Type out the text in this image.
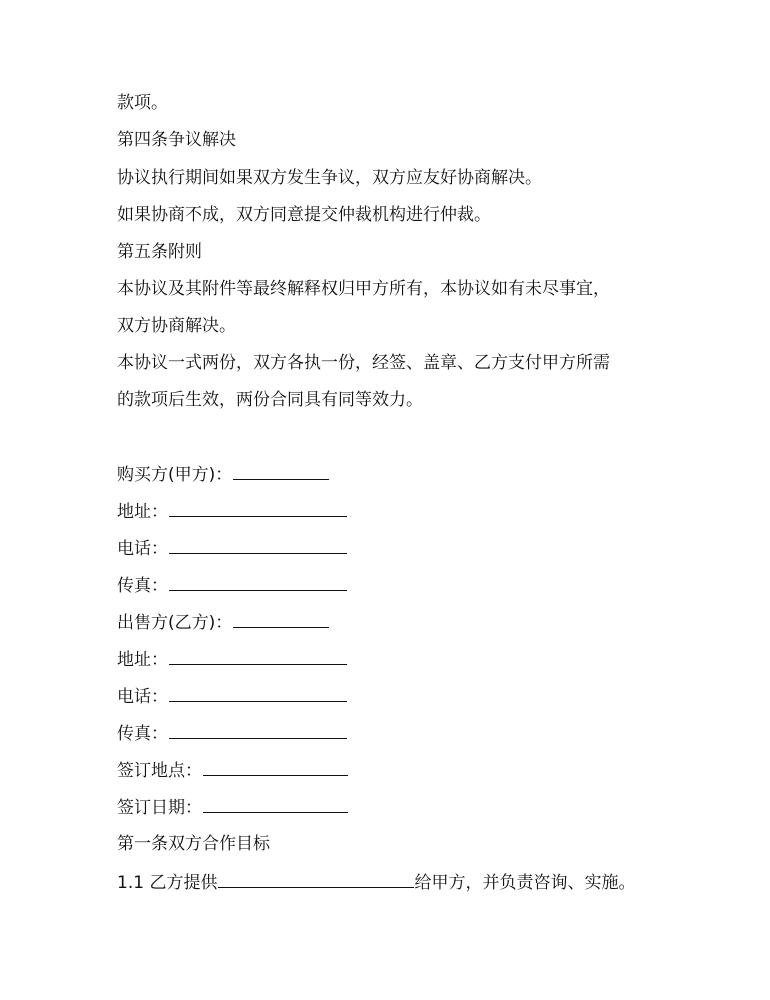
款项。
第四条争议解决
协议执行期间如果双方发生争议，双方应友好协商解决。
如果协商不成，双方同意提交仲裁机构进行仲裁。
第五条附则
本协议及其附件等最终解释权归甲方所有，本协议如有未尽事宜，
双方协商解决。
本协议一式两份，双方各执一份，经签、盖章、乙方支付甲方所需
的款项后生效，两份合同具有同等效力。
购买方(甲方)：
地址：
电话：
传真：
出售方(乙方)：
地址：
电话：
传真：
签订地点：
签订日期：
第一条双方合作目标
1.1 乙方提供	给甲方，并负责咨询、实施。
